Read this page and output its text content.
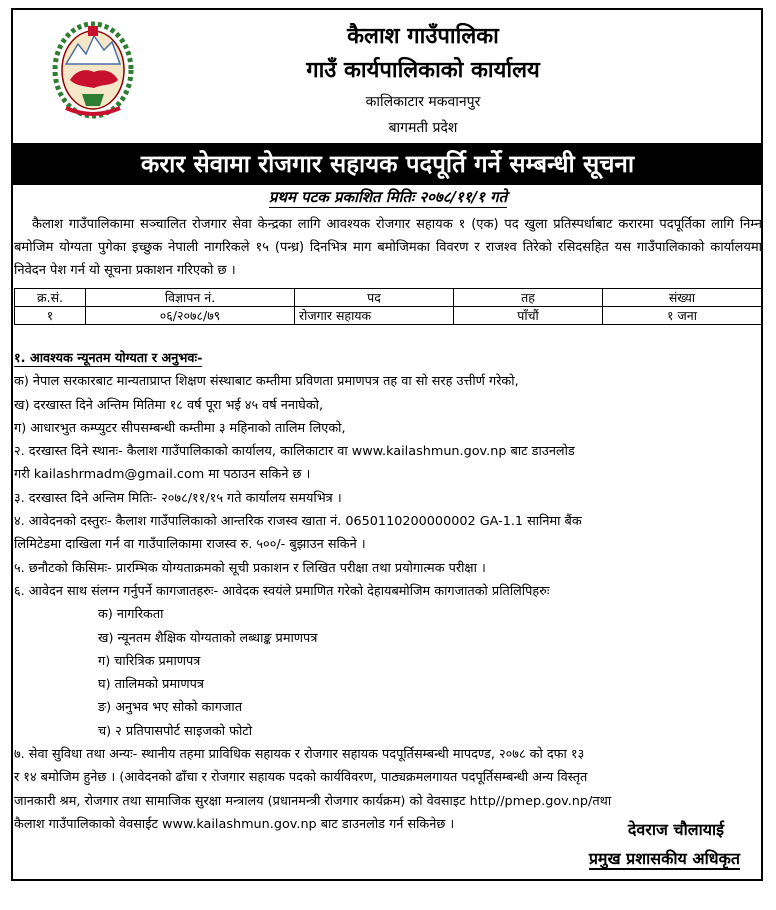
कैलाश गाउँपालिका
गाउँ कार्यपालिकाको कार्यालय
कालिकाटार मकवानपुर
बागमती प्रदेश
करार सेवामा रोजगार सहायक पदपूर्ति गर्ने सम्बन्धी सूचना
प्रथम पटक प्रकाशित मितिः २०७८/११/१ गते
कैलाश गाउँपालिकामा सञ्चालित रोजगार सेवा केन्द्रका लागि आवश्यक रोजगार सहायक १ (एक) पद खुला प्रतिस्पर्धाबाट करारमा पदपूर्तिका लागि निम्न बमोजिम योग्यता पुगेका इच्छुक नेपाली नागरिकले १५ (पन्ध्र) दिनभित्र माग बमोजिमका विवरण र राजश्व तिरेको रसिदसहित यस गाउँपालिकाको कार्यालयमा निवेदन पेश गर्न यो सूचना प्रकाशन गरिएको छ ।
क्र.सं.	विज्ञापन नं.	पद	तह	संख्या
१	०६/२०७८/७९	रोजगार सहायक	पाँचौं	१ जना
१. आवश्यक न्यूनतम योग्यता र अनुभवः-
क) नेपाल सरकारबाट मान्यताप्राप्त शिक्षण संस्थाबाट कम्तीमा प्रविणता प्रमाणपत्र तह वा सो सरह उत्तीर्ण गरेको,
ख) दरखास्त दिने अन्तिम मितिमा १८ वर्ष पूरा भई ४५ वर्ष ननाघेको,
ग) आधारभुत कम्प्युटर सीपसम्बन्धी कम्तीमा ३ महिनाको तालिम लिएको,
२. दरखास्त दिने स्थानः- कैलाश गाउँपालिकाको कार्यालय, कालिकाटार वा www.kailashmun.gov.np बाट डाउनलोड
गरी kailashrmadm@gmail.com मा पठाउन सकिने छ ।
३. दरखास्त दिने अन्तिम मितिः- २०७८/११/१५ गते कार्यालय समयभित्र ।
४. आवेदनको दस्तुरः- कैलाश गाउँपालिकाको आन्तरिक राजस्व खाता नं. 0650110200000002 GA-1.1 सानिमा बैंक
लिमिटेडमा दाखिला गर्न वा गाउँपालिकामा राजस्व रु. ५००/- बुझाउन सकिने ।
५. छनौटको किसिमः- प्रारम्भिक योग्यताक्रमको सूची प्रकाशन र लिखित परीक्षा तथा प्रयोगात्मक परीक्षा ।
६. आवेदन साथ संलग्न गर्नुपर्ने कागजातहरुः- आवेदक स्वयंले प्रमाणित गरेको देहायबमोजिम कागजातको प्रतिलिपिहरुः
क) नागरिकता
ख) न्यूनतम शैक्षिक योग्यताको लब्धाङ्क प्रमाणपत्र
ग) चारित्रिक प्रमाणपत्र
घ) तालिमको प्रमाणपत्र
ङ) अनुभव भए सोको कागजात
च) २ प्रतिपासपोर्ट साइजको फोटो
७. सेवा सुविधा तथा अन्यः- स्थानीय तहमा प्राविधिक सहायक र रोजगार सहायक पदपूर्तिसम्बन्धी मापदण्ड, २०७८ को दफा १३
र १४ बमोजिम हुनेछ । (आवेदनको ढाँचा र रोजगार सहायक पदको कार्यविवरण, पाठ्यक्रमलगायत पदपूर्तिसम्बन्धी अन्य विस्तृत
जानकारी श्रम, रोजगार तथा सामाजिक सुरक्षा मन्त्रालय (प्रधानमन्त्री रोजगार कार्यक्रम) को वेवसाइट http//pmep.gov.np/तथा
कैलाश गाउँपालिकाको वेवसाईट www.kailashmun.gov.np बाट डाउनलोड गर्न सकिनेछ ।	देवराज चौलायाई
प्रमुख प्रशासकीय अधिकृत
